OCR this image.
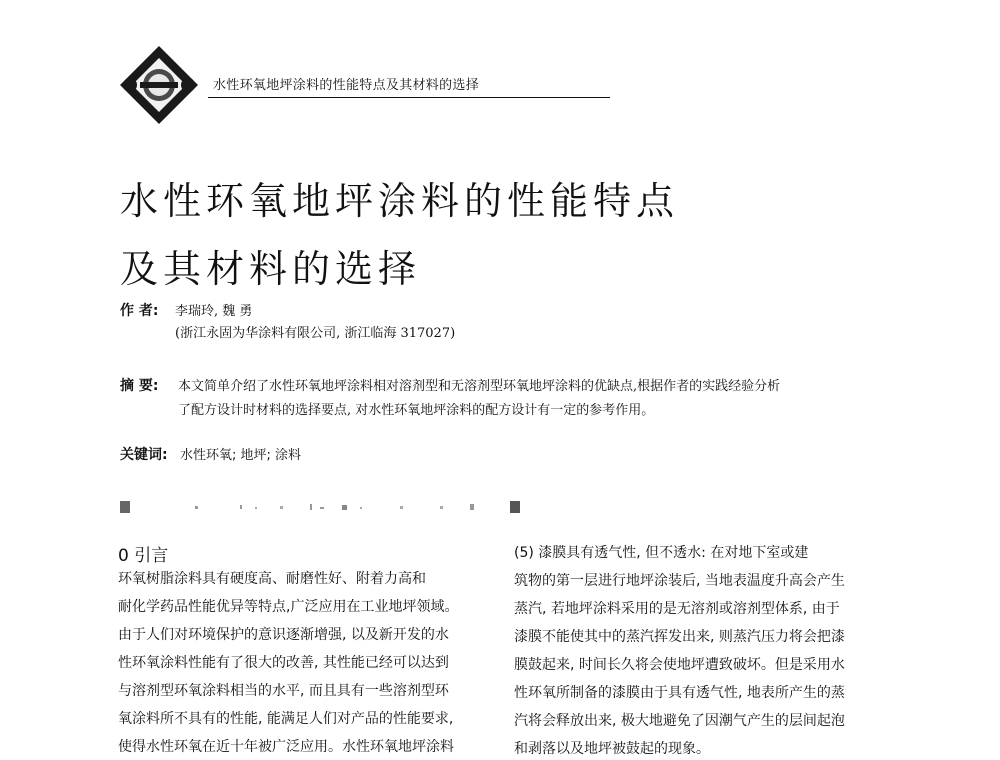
水性环氧地坪涂料的性能特点及其材料的选择
水性环氧地坪涂料的性能特点
及其材料的选择
作 者: 李瑞玲, 魏 勇
(浙江永固为华涂料有限公司, 浙江临海 317027)
摘 要: 本文简单介绍了水性环氧地坪涂料相对溶剂型和无溶剂型环氧地坪涂料的优缺点,根据作者的实践经验分析
了配方设计时材料的选择要点, 对水性环氧地坪涂料的配方设计有一定的参考作用。
关键词: 水性环氧; 地坪; 涂料
0 引言
环氧树脂涂料具有硬度高、耐磨性好、附着力高和
耐化学药品性能优异等特点,广泛应用在工业地坪领域。
由于人们对环境保护的意识逐渐增强, 以及新开发的水
性环氧涂料性能有了很大的改善, 其性能已经可以达到
与溶剂型环氧涂料相当的水平, 而且具有一些溶剂型环
氧涂料所不具有的性能, 能满足人们对产品的性能要求,
使得水性环氧在近十年被广泛应用。水性环氧地坪涂料
(5) 漆膜具有透气性, 但不透水: 在对地下室或建
筑物的第一层进行地坪涂装后, 当地表温度升高会产生
蒸汽, 若地坪涂料采用的是无溶剂或溶剂型体系, 由于
漆膜不能使其中的蒸汽挥发出来, 则蒸汽压力将会把漆
膜鼓起来, 时间长久将会使地坪遭致破坏。但是采用水
性环氧所制备的漆膜由于具有透气性, 地表所产生的蒸
汽将会释放出来, 极大地避免了因潮气产生的层间起泡
和剥落以及地坪被鼓起的现象。
